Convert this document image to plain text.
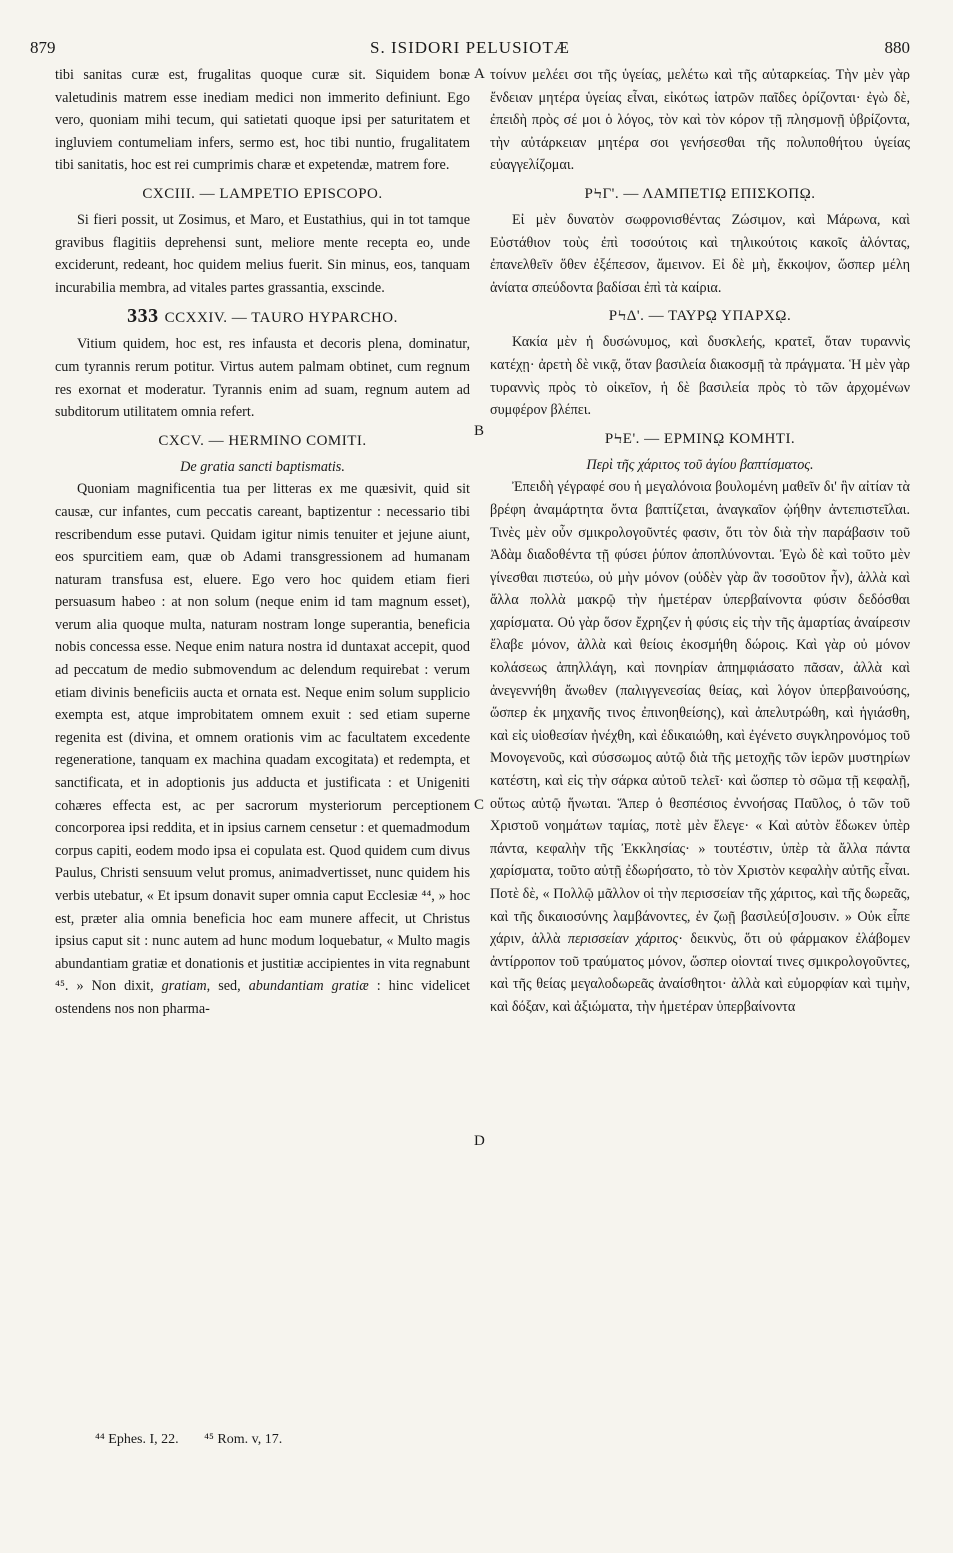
879	S. ISIDORI PELUSIOTÆ	880
A
B
C
D

tibi sanitas curæ est, frugalitas quoque curæ sit. Siquidem bonæ valetudinis matrem esse inediam medici non immerito definiunt. Ego vero, quoniam mihi tecum, qui satietati quoque ipsi per saturitatem et ingluviem contumeliam infers, sermo est, hoc tibi nuntio, frugalitatem tibi sanitatis, hoc est rei cumprimis charæ et expetendæ, matrem fore.

CXCIII. — LAMPETIO EPISCOPO.

Si fieri possit, ut Zosimus, et Maro, et Eustathius, qui in tot tamque gravibus flagitiis deprehensi sunt, meliore mente recepta eo, unde exciderunt, redeant, hoc quidem melius fuerit. Sin minus, eos, tanquam incurabilia membra, ad vitales partes grassantia, exscinde.

333 CCXXIV. — TAURO HYPARCHO.

Vitium quidem, hoc est, res infausta et decoris plena, dominatur, cum tyrannis rerum potitur. Virtus autem palmam obtinet, cum regnum res exornat et moderatur. Tyrannis enim ad suam, regnum autem ad subditorum utilitatem omnia refert.

CXCV. — HERMINO COMITI.

De gratia sancti baptismatis.

Quoniam magnificentia tua per litteras ex me quæsivit, quid sit causæ, cur infantes, cum peccatis careant, baptizentur : necessario tibi rescribendum esse putavi. Quidam igitur nimis tenuiter et jejune aiunt, eos spurcitiem eam, quæ ob Adami transgressionem ad humanam naturam transfusa est, eluere. Ego vero hoc quidem etiam fieri persuasum habeo : at non solum (neque enim id tam magnum esset), verum alia quoque multa, naturam nostram longe superantia, beneficia nobis concessa esse. Neque enim natura nostra id duntaxat accepit, quod ad peccatum de medio submovendum ac delendum requirebat : verum etiam divinis beneficiis aucta et ornata est. Neque enim solum supplicio exempta est, atque improbitatem omnem exuit : sed etiam superne regenita est (divina, et omnem orationis vim ac facultatem excedente regeneratione, tanquam ex machina quadam excogitata) et redempta, et sanctificata, et in adoptionis jus adducta et justificata : et Unigeniti cohæres effecta est, ac per sacrorum mysteriorum perceptionem concorporea ipsi reddita, et in ipsius carnem censetur : et quemadmodum corpus capiti, eodem modo ipsa ei copulata est. Quod quidem cum divus Paulus, Christi sensuum velut promus, animadvertisset, nunc quidem his verbis utebatur, « Et ipsum donavit super omnia caput Ecclesiæ ⁴⁴, » hoc est, præter alia omnia beneficia hoc eam munere affecit, ut Christus ipsius caput sit : nunc autem ad hunc modum loquebatur, « Multo magis abundantiam gratiæ et donationis et justitiæ accipientes in vita regnabunt ⁴⁵. » Non dixit, gratiam, sed, abundantiam gratiæ : hinc videlicet ostendens nos non pharma-

τοίνυν μελέει σοι τῆς ὑγείας, μελέτω καὶ τῆς αὐταρκείας. Τὴν μὲν γὰρ ἔνδειαν μητέρα ὑγείας εἶναι, εἰκότως ἰατρῶν παῖδες ὁρίζονται· ἐγὼ δὲ, ἐπειδὴ πρὸς σέ μοι ὁ λόγος, τὸν καὶ τὸν κόρον τῇ πλησμονῇ ὑβρίζοντα, τὴν αὐτάρκειαν μητέρα σοι γενήσεσθαι τῆς πολυποθήτου ὑγείας εὐαγγελίζομαι.

ΡϞΓ'. — ΛΑΜΠΕΤΙῼ ΕΠΙΣΚΟΠῼ.

Εἰ μὲν δυνατὸν σωφρονισθέντας Ζώσιμον, καὶ Μάρωνα, καὶ Εὐστάθιον τοὺς ἐπὶ τοσούτοις καὶ τηλικούτοις κακοῖς ἁλόντας, ἐπανελθεῖν ὅθεν ἐξέπεσον, ἄμεινον. Εἰ δὲ μὴ, ἔκκοψον, ὥσπερ μέλη ἀνίατα σπεύδοντα βαδίσαι ἐπὶ τὰ καίρια.

ΡϞΔ'. — ΤΑΥΡῼ ΥΠΑΡΧῼ.

Κακία μὲν ἡ δυσώνυμος, καὶ δυσκλεής, κρατεῖ, ὅταν τυραννὶς κατέχῃ· ἀρετὴ δὲ νικᾷ, ὅταν βασιλεία διακοσμῇ τὰ πράγματα. Ἡ μὲν γὰρ τυραννὶς πρὸς τὸ οἰκεῖον, ἡ δὲ βασιλεία πρὸς τὸ τῶν ἀρχομένων συμφέρον βλέπει.

ΡϞΕ'. — ΕΡΜΙΝῼ ΚΟΜΗΤΙ.

Περὶ τῆς χάριτος τοῦ ἁγίου βαπτίσματος.

Ἐπειδὴ γέγραφέ σου ἡ μεγαλόνοια βουλομένη μαθεῖν δι' ἣν αἰτίαν τὰ βρέφη ἀναμάρτητα ὄντα βαπτίζεται, ἀναγκαῖον ᾠήθην ἀντεπιστεῖλαι. Τινὲς μὲν οὖν σμικρολογοῦντές φασιν, ὅτι τὸν διὰ τὴν παράβασιν τοῦ Ἀδὰμ διαδοθέντα τῇ φύσει ῥύπον ἀποπλύνονται. Ἐγὼ δὲ καὶ τοῦτο μὲν γίνεσθαι πιστεύω, οὐ μὴν μόνον (οὐδὲν γὰρ ἂν τοσοῦτον ἦν), ἀλλὰ καὶ ἄλλα πολλὰ μακρῷ τὴν ἡμετέραν ὑπερβαίνοντα φύσιν δεδόσθαι χαρίσματα. Οὐ γὰρ ὅσον ἔχρηζεν ἡ φύσις εἰς τὴν τῆς ἁμαρτίας ἀναίρεσιν ἔλαβε μόνον, ἀλλὰ καὶ θείοις ἐκοσμήθη δώροις. Καὶ γὰρ οὐ μόνον κολάσεως ἀπηλλάγη, καὶ πονηρίαν ἀπημφιάσατο πᾶσαν, ἀλλὰ καὶ ἀνεγεννήθη ἄνωθεν (παλιγγενεσίας θείας, καὶ λόγον ὑπερβαινούσης, ὥσπερ ἐκ μηχανῆς τινος ἐπινοηθείσης), καὶ ἀπελυτρώθη, καὶ ἡγιάσθη, καὶ εἰς υἱοθεσίαν ἠνέχθη, καὶ ἐδικαιώθη, καὶ ἐγένετο συγκληρονόμος τοῦ Μονογενοῦς, καὶ σύσσωμος αὐτῷ διὰ τῆς μετοχῆς τῶν ἱερῶν μυστηρίων κατέστη, καὶ εἰς τὴν σάρκα αὐτοῦ τελεῖ· καὶ ὥσπερ τὸ σῶμα τῇ κεφαλῇ, οὕτως αὐτῷ ἥνωται. Ἅπερ ὁ θεσπέσιος ἐννοήσας Παῦλος, ὁ τῶν τοῦ Χριστοῦ νοημάτων ταμίας, ποτὲ μὲν ἔλεγε· « Καὶ αὐτὸν ἔδωκεν ὑπὲρ πάντα, κεφαλὴν τῆς Ἐκκλησίας· » τουτέστιν, ὑπὲρ τὰ ἄλλα πάντα χαρίσματα, τοῦτο αὐτῇ ἐδωρήσατο, τὸ τὸν Χριστὸν κεφαλὴν αὐτῆς εἶναι. Ποτὲ δὲ, « Πολλῷ μᾶλλον οἱ τὴν περισσείαν τῆς χάριτος, καὶ τῆς δωρεᾶς, καὶ τῆς δικαιοσύνης λαμβάνοντες, ἐν ζωῇ βασιλεύ[σ]ουσιν. » Οὐκ εἶπε χάριν, ἀλλὰ περισσείαν χάριτος· δεικνὺς, ὅτι οὐ φάρμακον ἐλάβομεν ἀντίρροπον τοῦ τραύματος μόνον, ὥσπερ οἰονταί τινες σμικρολογοῦντες, καὶ τῆς θείας μεγαλοδωρεᾶς ἀναίσθητοι· ἀλλὰ καὶ εὐμορφίαν καὶ τιμὴν, καὶ δόξαν, καὶ ἀξιώματα, τὴν ἡμετέραν ὑπερβαίνοντα

⁴⁴ Ephes. I, 22. ⁴⁵ Rom. v, 17.
